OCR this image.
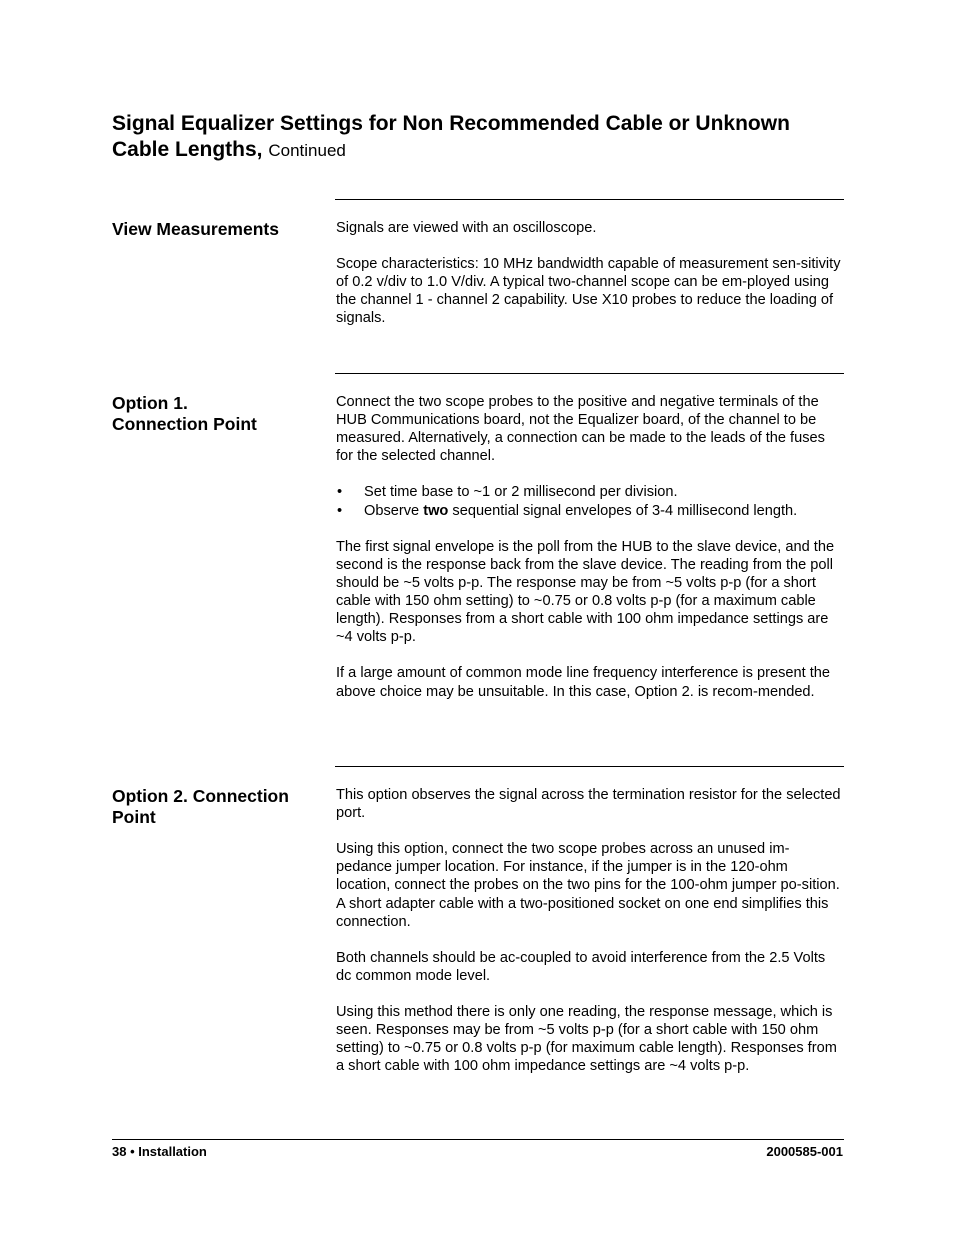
Signal Equalizer Settings for Non Recommended Cable or Unknown Cable Lengths, Continued
View Measurements	Signals are viewed with an oscilloscope.

Scope characteristics: 10 MHz bandwidth capable of measurement sen-sitivity of 0.2 v/div to 1.0 V/div. A typical two-channel scope can be em-ployed using the channel 1 - channel 2 capability. Use X10 probes to reduce the loading of signals.

Option 1.
Connection Point

Connect the two scope probes to the positive and negative terminals of the HUB Communications board, not the Equalizer board, of the channel to be measured. Alternatively, a connection can be made to the leads of the fuses for the selected channel.

• Set time base to ~1 or 2 millisecond per division.
• Observe two sequential signal envelopes of 3-4 millisecond length.

The first signal envelope is the poll from the HUB to the slave device, and the second is the response back from the slave device. The reading from the poll should be ~5 volts p-p. The response may be from ~5 volts p-p (for a short cable with 150 ohm setting) to ~0.75 or 0.8 volts p-p (for a maximum cable length). Responses from a short cable with 100 ohm impedance settings are ~4 volts p-p.

If a large amount of common mode line frequency interference is present the above choice may be unsuitable. In this case, Option 2. is recom-mended.

Option 2. Connection Point

This option observes the signal across the termination resistor for the selected port.

Using this option, connect the two scope probes across an unused im-pedance jumper location. For instance, if the jumper is in the 120-ohm location, connect the probes on the two pins for the 100-ohm jumper po-sition. A short adapter cable with a two-positioned socket on one end simplifies this connection.

Both channels should be ac-coupled to avoid interference from the 2.5 Volts dc common mode level.

Using this method there is only one reading, the response message, which is seen. Responses may be from ~5 volts p-p (for a short cable with 150 ohm setting) to ~0.75 or 0.8 volts p-p (for maximum cable length). Responses from a short cable with 100 ohm impedance settings are ~4 volts p-p.

38 • Installation	2000585-001
